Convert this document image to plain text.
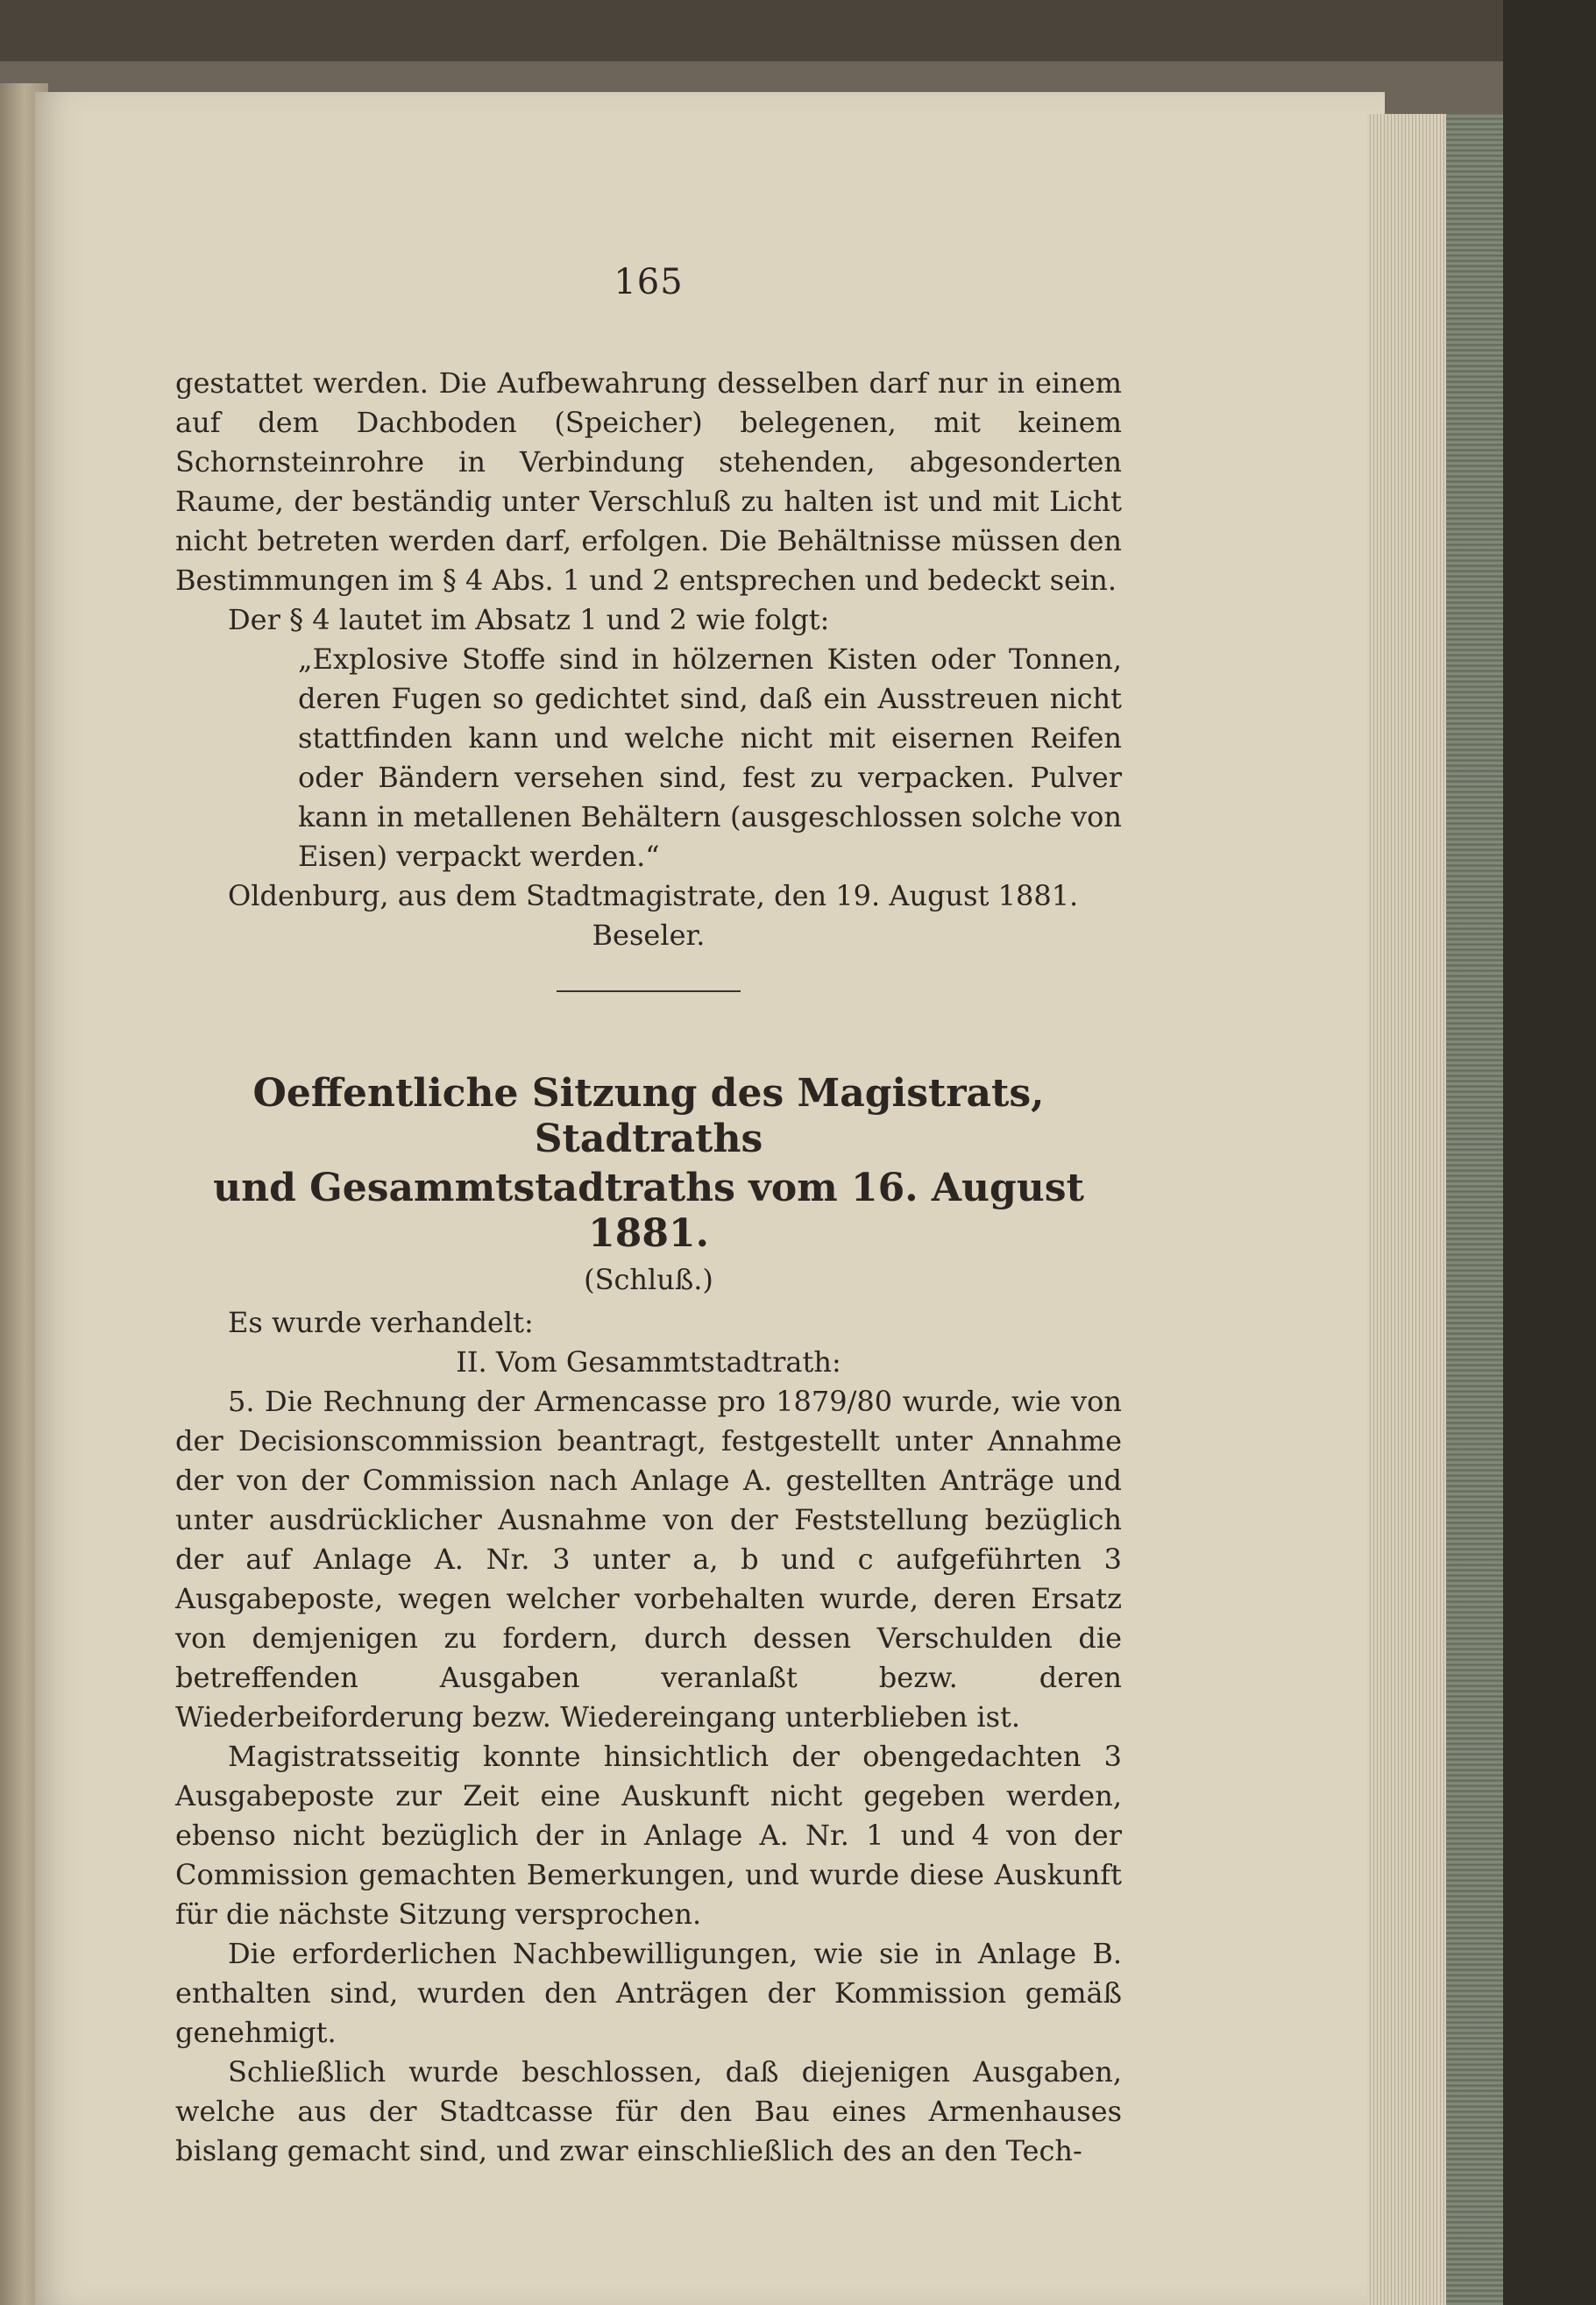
165

gestattet werden. Die Aufbewahrung desselben darf nur in einem auf dem Dachboden (Speicher) belegenen, mit keinem Schornsteinrohre in Verbindung stehenden, abgesonderten Raume, der beständig unter Verschluß zu halten ist und mit Licht nicht betreten werden darf, erfolgen. Die Behältnisse müssen den Bestimmungen im § 4 Abs. 1 und 2 entsprechen und bedeckt sein.

Der § 4 lautet im Absatz 1 und 2 wie folgt:

„Explosive Stoffe sind in hölzernen Kisten oder Tonnen, deren Fugen so gedichtet sind, daß ein Ausstreuen nicht stattfinden kann und welche nicht mit eisernen Reifen oder Bändern versehen sind, fest zu verpacken. Pulver kann in metallenen Behältern (ausgeschlossen solche von Eisen) verpackt werden.“

Oldenburg, aus dem Stadtmagistrate, den 19. August 1881.

Beseler.

Oeffentliche Sitzung des Magistrats, Stadtraths
und Gesammtstadtraths vom 16. August 1881.
(Schluß.)

Es wurde verhandelt:

II. Vom Gesammtstadtrath:

5. Die Rechnung der Armencasse pro 1879/80 wurde, wie von der Decisionscommission beantragt, festgestellt unter Annahme der von der Commission nach Anlage A. gestellten Anträge und unter ausdrücklicher Ausnahme von der Feststellung bezüglich der auf Anlage A. Nr. 3 unter a, b und c aufgeführten 3 Ausgabeposte, wegen welcher vorbehalten wurde, deren Ersatz von demjenigen zu fordern, durch dessen Verschulden die betreffenden Ausgaben veranlaßt bezw. deren Wiederbeiforderung bezw. Wiedereingang unterblieben ist.

Magistratsseitig konnte hinsichtlich der obengedachten 3 Ausgabeposte zur Zeit eine Auskunft nicht gegeben werden, ebenso nicht bezüglich der in Anlage A. Nr. 1 und 4 von der Commission gemachten Bemerkungen, und wurde diese Auskunft für die nächste Sitzung versprochen.

Die erforderlichen Nachbewilligungen, wie sie in Anlage B. enthalten sind, wurden den Anträgen der Kommission gemäß genehmigt.

Schließlich wurde beschlossen, daß diejenigen Ausgaben, welche aus der Stadtcasse für den Bau eines Armenhauses bislang gemacht sind, und zwar einschließlich des an den Tech-
